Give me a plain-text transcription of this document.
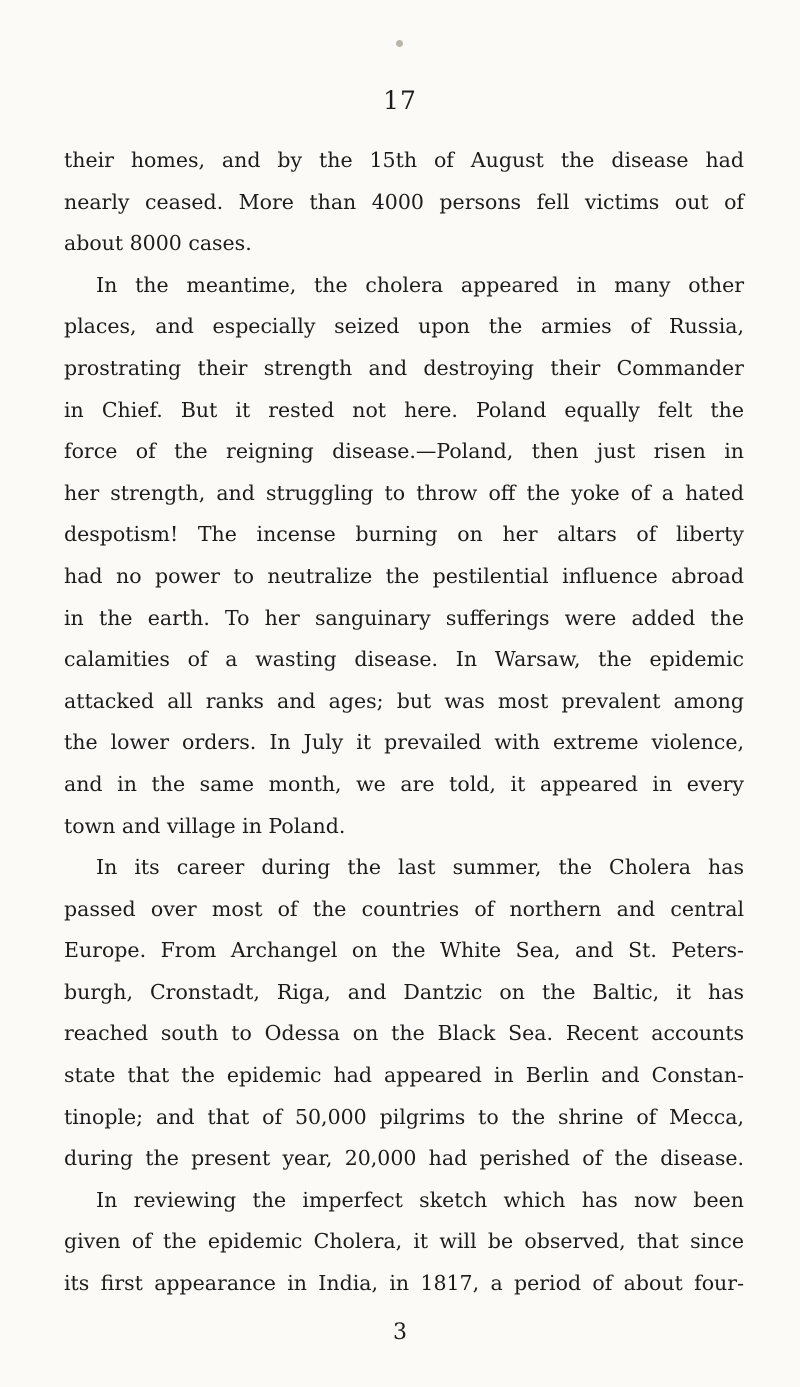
17
their homes, and by the 15th of August the disease had
nearly ceased. More than 4000 persons fell victims out of
about 8000 cases.
In the meantime, the cholera appeared in many other
places, and especially seized upon the armies of Russia,
prostrating their strength and destroying their Commander
in Chief. But it rested not here. Poland equally felt the
force of the reigning disease.—Poland, then just risen in
her strength, and struggling to throw off the yoke of a hated
despotism! The incense burning on her altars of liberty
had no power to neutralize the pestilential influence abroad
in the earth. To her sanguinary sufferings were added the
calamities of a wasting disease. In Warsaw, the epidemic
attacked all ranks and ages; but was most prevalent among
the lower orders. In July it prevailed with extreme violence,
and in the same month, we are told, it appeared in every
town and village in Poland.
In its career during the last summer, the Cholera has
passed over most of the countries of northern and central
Europe. From Archangel on the White Sea, and St. Peters-
burgh, Cronstadt, Riga, and Dantzic on the Baltic, it has
reached south to Odessa on the Black Sea. Recent accounts
state that the epidemic had appeared in Berlin and Constan-
tinople; and that of 50,000 pilgrims to the shrine of Mecca,
during the present year, 20,000 had perished of the disease.
In reviewing the imperfect sketch which has now been
given of the epidemic Cholera, it will be observed, that since
its first appearance in India, in 1817, a period of about four-
3
